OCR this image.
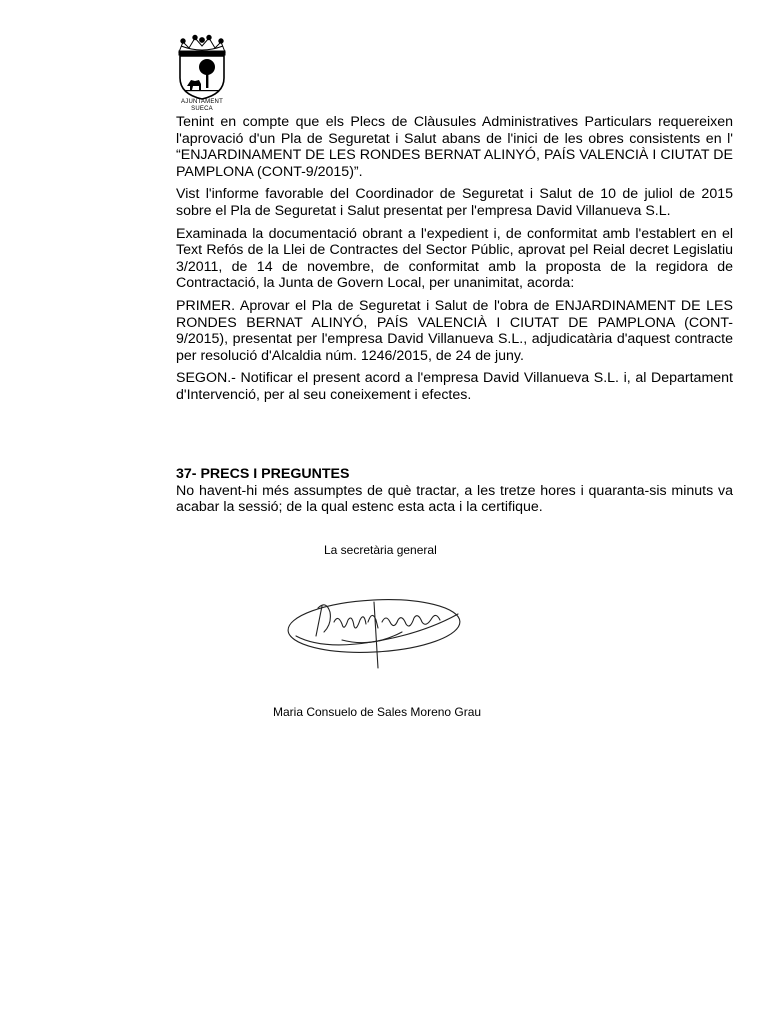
AJUNTAMENT
SUECA

Tenint en compte que els Plecs de Clàusules Administratives Particulars requereixen l'aprovació d'un Pla de Seguretat i Salut abans de l'inici de les obres consistents en l' “ENJARDINAMENT DE LES RONDES BERNAT ALINYÓ, PAÍS VALENCIÀ I CIUTAT DE PAMPLONA (CONT-9/2015)”.

Vist l'informe favorable del Coordinador de Seguretat i Salut de 10 de juliol de 2015 sobre el Pla de Seguretat i Salut presentat per l'empresa David Villanueva S.L.

Examinada la documentació obrant a l'expedient i, de conformitat amb l'establert en el Text Refós de la Llei de Contractes del Sector Públic, aprovat pel Reial decret Legislatiu 3/2011, de 14 de novembre, de conformitat amb la proposta de la regidora de Contractació, la Junta de Govern Local, per unanimitat, acorda:

PRIMER. Aprovar el Pla de Seguretat i Salut de l'obra de ENJARDINAMENT DE LES RONDES BERNAT ALINYÓ, PAÍS VALENCIÀ I CIUTAT DE PAMPLONA (CONT-9/2015), presentat per l'empresa David Villanueva S.L., adjudicatària d'aquest contracte per resolució d'Alcaldia núm. 1246/2015, de 24 de juny.

SEGON.- Notificar el present acord a l'empresa David Villanueva S.L. i, al Departament d'Intervenció, per al seu coneixement i efectes.

37- PRECS I PREGUNTES

No havent-hi més assumptes de què tractar, a les tretze hores i quaranta-sis minuts va acabar la sessió; de la qual estenc esta acta i la certifique.

La secretària general
Maria Consuelo de Sales Moreno Grau
